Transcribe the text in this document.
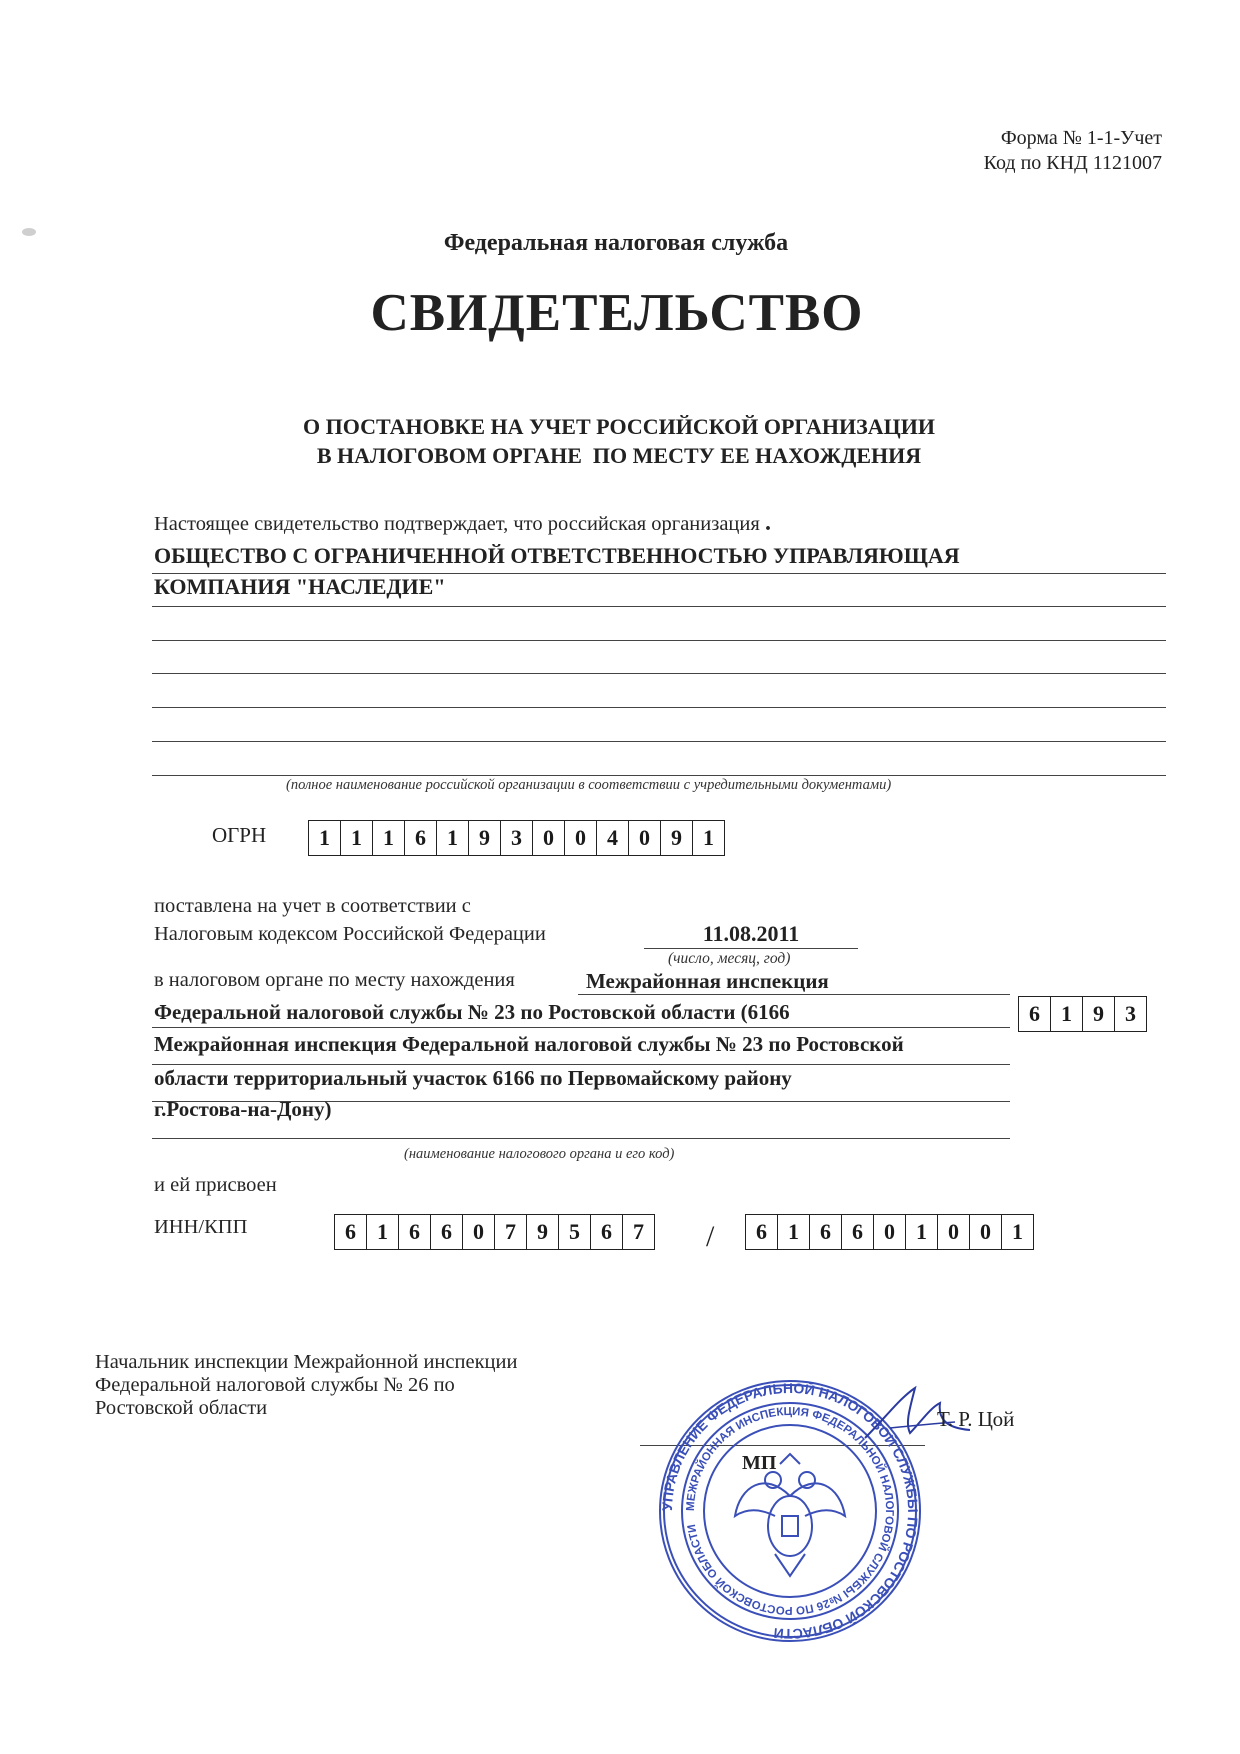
Форма № 1-1-Учет
Код по КНД 1121007
Федеральная налоговая служба
СВИДЕТЕЛЬСТВО
О ПОСТАНОВКЕ НА УЧЕТ РОССИЙСКОЙ ОРГАНИЗАЦИИ
В НАЛОГОВОМ ОРГАНЕ  ПО МЕСТУ ЕЕ НАХОЖДЕНИЯ
Настоящее свидетельство подтверждает, что российская организация .
ОБЩЕСТВО С ОГРАНИЧЕННОЙ ОТВЕТСТВЕННОСТЬЮ УПРАВЛЯЮЩАЯ
КОМПАНИЯ "НАСЛЕДИЕ"
(полное наименование российской организации в соответствии с учредительными документами)
ОГРН	1 1 1 6 1 9 3 0 0 4 0 9 1
поставлена на учет в соответствии с
Налоговым кодексом Российской Федерации	11.08.2011
(число, месяц, год)
в налоговом органе по месту нахождения	Межрайонная инспекция
Федеральной налоговой службы № 23 по Ростовской области (6166	6 1 9 3
Межрайонная инспекция Федеральной налоговой службы № 23 по Ростовской
области территориальный участок 6166 по Первомайскому району
г.Ростова-на-Дону)
(наименование налогового органа и его код)
и ей присвоен
ИНН/КПП	6 1 6 6 0 7 9 5 6 7	/	6 1 6 6 0 1 0 0 1
Начальник инспекции Межрайонной инспекции
Федеральной налоговой службы № 26 по
Ростовской области
УПРАВЛЕНИЕ ФЕДЕРАЛЬНОЙ НАЛОГОВОЙ СЛУЖБЫ ПО РОСТОВСКОЙ ОБЛАСТИ
МЕЖРАЙОННАЯ ИНСПЕКЦИЯ ФЕДЕРАЛЬНОЙ НАЛОГОВОЙ СЛУЖБЫ №26 ПО РОСТОВСКОЙ ОБЛАСТИ
МП
Т. Р. Цой
